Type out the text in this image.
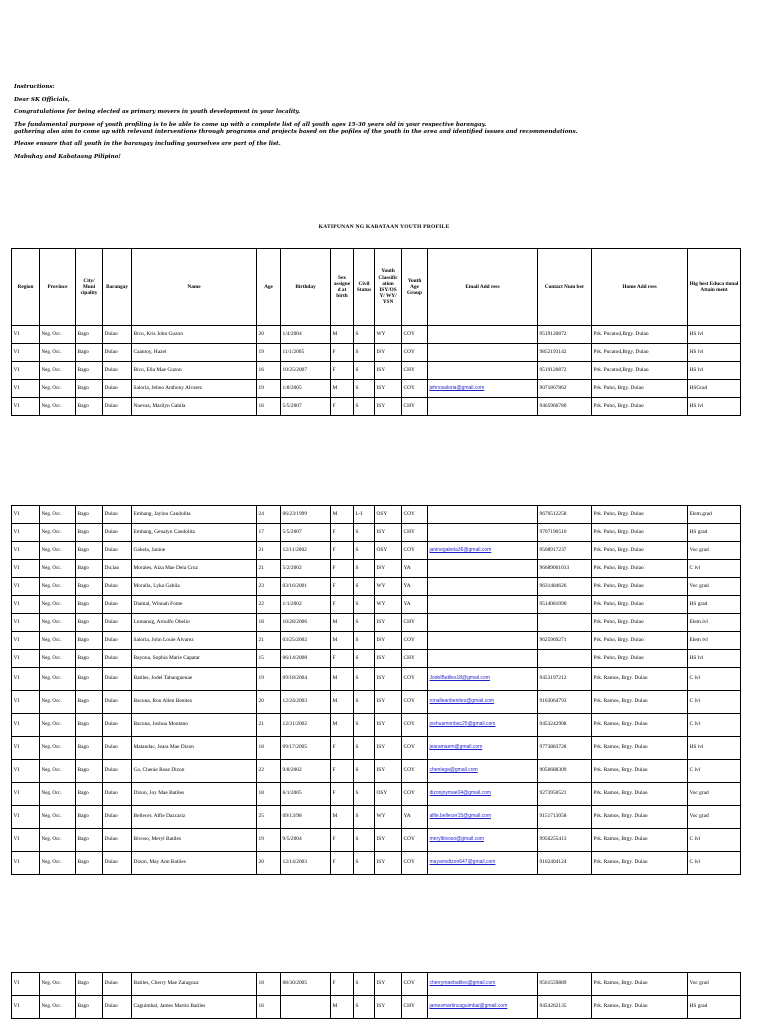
Instructions:

Dear SK Officials,

Congratulations for being elected as primary movers in youth development in your locality.

The fundamental purpose of youth profiling is to be able to come up with a complete list of all youth ages 15-30 years old in your respective barangay.

gathering also aim to come up with relevant interventions through programs and projects based on the pofiles of the youth in the area and identified issues and recommendations.

Please ensure that all youth in the barangay including yourselves are part of the list.

Mabuhay and Kabataang Pilipino!

KATIPUNAN NG KABATAAN YOUTH PROFILE
Region	Province	City/ Muni cipality	Barangay	Name	Age	Birthday	Sex assigne d at birth	Civil Status	Youth Classific ation ISY/OS Y/ WY/ YSN	Youth Age Group	Email Add ress	Contact Num ber	Home Add ress	Hig hest Educa tional Attain ment
VI	Neg. Occ.	Bago	Dulao	Bico, Kris John Guzon	20	1/4/2004	M	S	WY	COY		9519120872	Prk. Pucatod,Brgy. Dulao	HS lvl
VI	Neg. Occ.	Bago	Dulao	Caantoy, Hazel	19	11/1/2005	F	S	ISY	COY		9852193142	Prk. Pucatod,Brgy. Dulao	HS lvl
VI	Neg. Occ.	Bago	Dulao	Bico, Ella Mae Guzon	16	10/25/2007	F	S	ISY	CHY		9519120872	Prk. Pucatod,Brgy. Dulao	HS lvl
VI	Neg. Occ.	Bago	Dulao	Saloria, Jehno Anthony Alvarez	19	1/8/2005	M	S	ISY	COY	jehnosaloria@gmail.com	9071867862	Prk. Puho, Brgy. Dulao	HSGrad
VI	Neg. Occ.	Bago	Dulao	Nuevas, Marilyn Gabila	16	5/5/2007	F	S	ISY	CHY		9465966780	Prk. Puho, Brgy. Dulao	HS lvl
VI	Neg. Occ.	Bago	Dulao	Embang, Jaylou Candolita	24	06/23/1999	M	L-I	OSY	COY		9670512258	Prk. Puho, Brgy. Dulao	Elem.grad
VI	Neg. Occ.	Bago	Dulao	Embang, Genalyn Candolita	17	5/5/2007	F	S	ISY	CHY		9707190510	Prk. Puho, Brgy. Dulao	HS grad
VI	Neg. Occ.	Bago	Dulao	Gabela, Janine	21	12/11/2002	F	S	OSY	COY	janinegabela36@gmail.com	9508917237	Prk. Puho, Brgy. Dulao	Voc grad
VI	Neg. Occ.	Bago	Du;lao	Morales, Aiza Mae Dela Cruz	21	5/2/2002	F	S	ISY	YA		96689001013	Prk. Puho, Brgy. Dulao	C lvl
VI	Neg. Occ.	Bago	Dulao	Moralla, Lyka Gabila	23	03/16/2001	F	S	WY	YA		9631484626	Prk. Puho, Brgy. Dulao	Voc grad
VI	Neg. Occ.	Bago	Dulao	Diamal, Winnah Fonte	22	1/1/2002	F	S	WY	YA		9514081090	Prk. Puho, Brgy. Dulao	HS grad
VI	Neg. Occ.	Bago	Dulao	Lumanog, Arnulfo Obelio	18	10/28/2006	M	S	ISY	CHY			Prk. Puho, Brgy. Dulao	Elem.lvl
VI	Neg. Occ.	Bago	Dulao	Saloria, John Louie Alvarez	21	03/25/2002	M	S	ISY	COY		9625969271	Prk. Puho, Brgy. Dulao	Elem lvl
VI	Neg. Occ.	Bago	Dulao	Bayona, Sophia Marie Capatar	15	06/14/2008	F	S	ISY	CHY			Prk. Puho, Brgy. Dulao	HS lvl
VI	Neg. Occ.	Bago	Dulao	Batiles, Jodel Tabanguenae	19	09/18/2004	M	S	ISY	COY	JodelBatiles18@gmail.com	9453197212	Prk. Ramos, Brgy. Dulao	C lvl
VI	Neg. Occ.	Bago	Dulao	Bacuna, Ron Allen Benitez	20	12/24/2003	M	S	ISY	COY	ronalleanbenitez@gmail.com	9163064793	Prk. Ramos, Brgy. Dulao	C lvl
VI	Neg. Occ.	Bago	Dulao	Bacuna, Joshua Montano	21	12/31/2002	M	S	ISY	COY	joshuamonbac25@gmail.com	9453242908	Prk. Ramos, Brgy. Dulao	C lvl
VI	Neg. Occ.	Bago	Dulao	Matandac, Jeara Mae Dizon	18	09/17/2005	F	S	ISY	COY	jearamaem@gmail.com	9773883728	Prk. Ramos, Brgy. Dulao	HS lvl
VI	Neg. Occ.	Bago	Dulao	Ga, Chenie Rose Dizon	22	9/8/2002	F	S	ISY	COY	cheniega@gmail.com	9056688309	Prk. Ramos, Brgy. Dulao	C lvl
VI	Neg. Occ.	Bago	Dulao	Dizon, Joy Mae Batiles	18	6/1/2005	F	S	OSY	COY	dizonjoymae04@gmail.com	9273950521	Prk. Ramos, Brgy. Dulao	Voc grad
VI	Neg. Occ.	Bago	Dulao	Bellecer, Alfie Dazcariz	25	09/13/98	M	S	WY	YA	alfie.bellecer15@gmail.com	9151713058	Prk. Ramos, Brgy. Dulao	Voc grad
VI	Neg. Occ.	Bago	Dulao	Bivoso, Meryl Batiles	19	9/5/2004	F	S	ISY	COY	merylbivoso@gmail.com	9956255413	Prk. Ramos, Brgy. Dulao	C lvl
VI	Neg. Occ.	Bago	Dulao	Dizon, May Ann Batiles	20	12/14/2003	F	S	ISY	COY	mayanndizon647@gmail.com	9162404124	Prk. Ramos, Brgy. Dulao	C lvl
VI	Neg. Occ.	Bago	Dulao	Batiles, Cherry Mae Zaragoza	18	08/30/2005	F	S	ISY	COY	cherrymaebatiles@gmail.com	9561559889	Prk. Ramos, Brgy. Dulao	Voc grad
VI	Neg. Occ.	Bago	Dulao	Caguimbal, James Martin Batiles	16		M	S	ISY	CHY	jamesmartincaguimbal@gmail.com	9454262135	Prk. Ramos, Brgy. Dulao	HS grad
